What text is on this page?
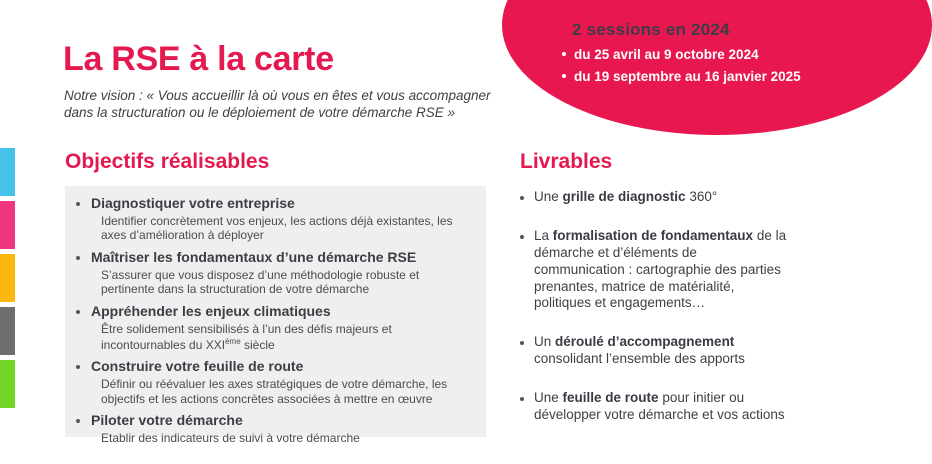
2 sessions en 2024
du 25 avril au 9 octobre 2024
du 19 septembre au 16 janvier 2025
La RSE à la carte

Notre vision : « Vous accueillir là où vous en êtes et vous accompagner dans la structuration ou le déploiement de votre démarche RSE »

Objectifs réalisables
Diagnostiquer votre entreprise

Identifier concrètement vos enjeux, les actions déjà existantes, les axes d’amélioration à déployer

Maîtriser les fondamentaux d’une démarche RSE

S’assurer que vous disposez d’une méthodologie robuste et pertinente dans la structuration de votre démarche

Appréhender les enjeux climatiques

Être solidement sensibilisés à l’un des défis majeurs et incontournables du XXIème siècle

Construire votre feuille de route

Définir ou réévaluer les axes stratégiques de votre démarche, les objectifs et les actions concrètes associées à mettre en œuvre

Piloter votre démarche

Etablir des indicateurs de suivi à votre démarche

Livrables

Une grille de diagnostic 360°

La formalisation de fondamentaux de la démarche et d’éléments de communication : cartographie des parties prenantes, matrice de matérialité, politiques et engagements…

Un déroulé d’accompagnement consolidant l’ensemble des apports

Une feuille de route pour initier ou développer votre démarche et vos actions
